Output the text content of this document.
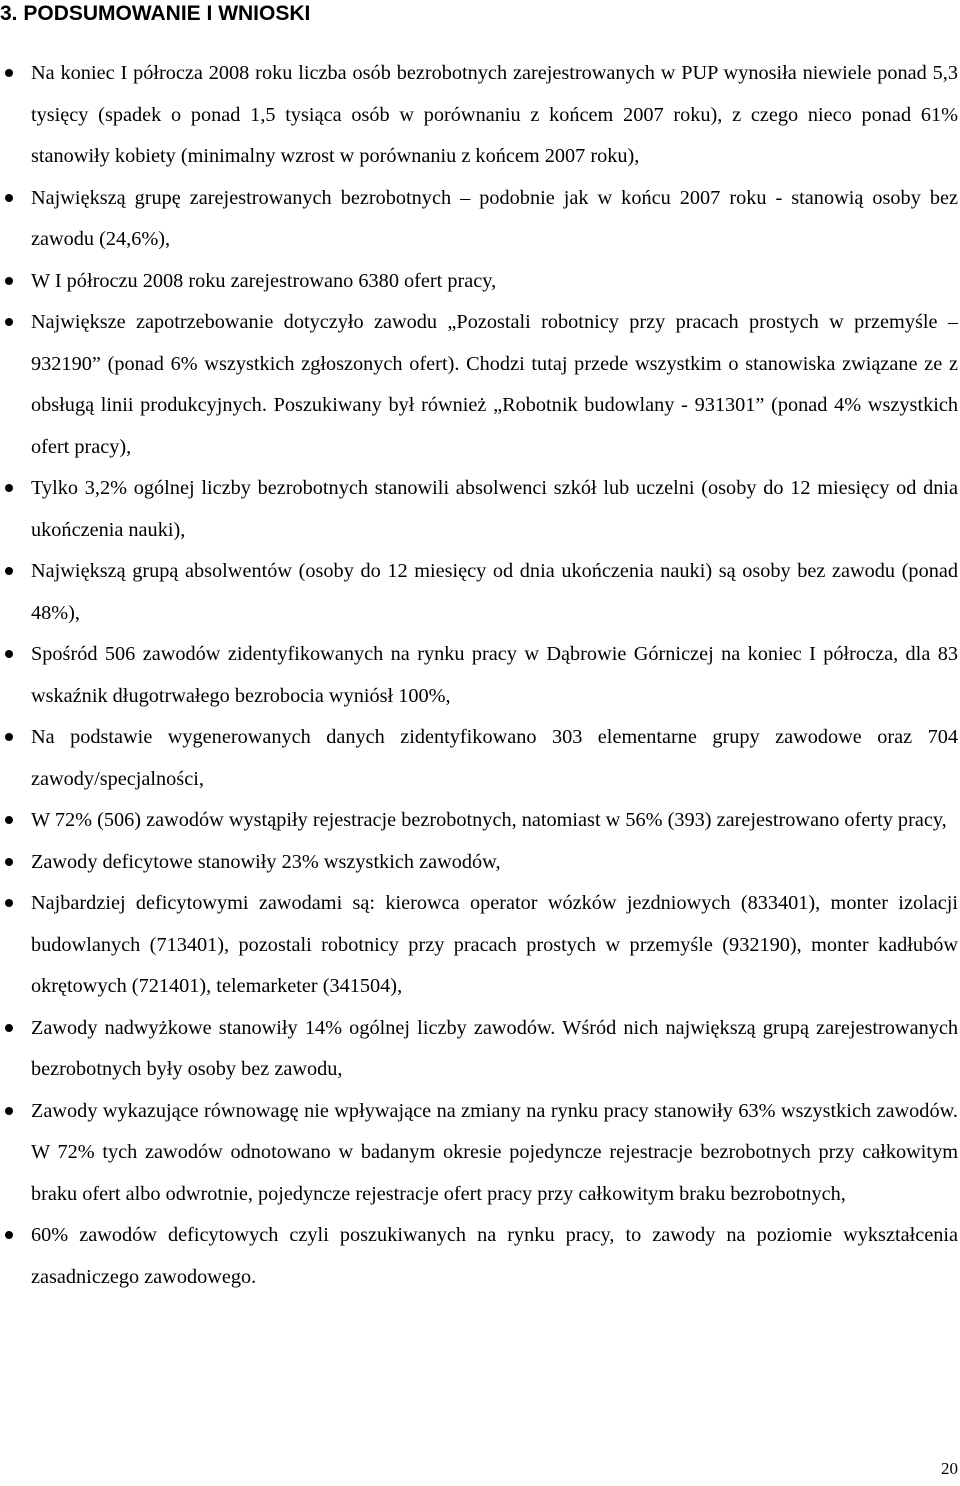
3. PODSUMOWANIE I WNIOSKI
Na koniec I półrocza 2008 roku liczba osób bezrobotnych zarejestrowanych w PUP wynosiła niewiele ponad 5,3 tysięcy (spadek o ponad 1,5 tysiąca osób w porównaniu z końcem 2007 roku), z czego nieco ponad 61% stanowiły kobiety (minimalny wzrost w porównaniu z końcem 2007 roku),
Największą grupę zarejestrowanych bezrobotnych – podobnie jak w końcu 2007 roku - stanowią osoby bez zawodu (24,6%),
W I półroczu 2008 roku zarejestrowano 6380 ofert pracy,
Największe zapotrzebowanie dotyczyło zawodu „Pozostali robotnicy przy pracach prostych w przemyśle – 932190” (ponad 6% wszystkich zgłoszonych ofert). Chodzi tutaj przede wszystkim o stanowiska związane ze z obsługą linii produkcyjnych. Poszukiwany był również „Robotnik budowlany - 931301” (ponad 4% wszystkich ofert pracy),
Tylko 3,2% ogólnej liczby bezrobotnych stanowili absolwenci szkół lub uczelni (osoby do 12 miesięcy od dnia ukończenia nauki),
Największą grupą absolwentów (osoby do 12 miesięcy od dnia ukończenia nauki) są osoby bez zawodu (ponad 48%),
Spośród 506 zawodów zidentyfikowanych na rynku pracy w Dąbrowie Górniczej na koniec I półrocza, dla 83 wskaźnik długotrwałego bezrobocia wyniósł 100%,
Na podstawie wygenerowanych danych zidentyfikowano 303 elementarne grupy zawodowe oraz 704 zawody/specjalności,
W 72% (506) zawodów wystąpiły rejestracje bezrobotnych, natomiast w 56% (393) zarejestrowano oferty pracy,
Zawody deficytowe stanowiły 23% wszystkich zawodów,
Najbardziej deficytowymi zawodami są: kierowca operator wózków jezdniowych (833401), monter izolacji budowlanych (713401), pozostali robotnicy przy pracach prostych w przemyśle (932190), monter kadłubów okrętowych (721401), telemarketer (341504),
Zawody nadwyżkowe stanowiły 14% ogólnej liczby zawodów. Wśród nich największą grupą zarejestrowanych bezrobotnych były osoby bez zawodu,
Zawody wykazujące równowagę nie wpływające na zmiany na rynku pracy stanowiły 63% wszystkich zawodów. W 72% tych zawodów odnotowano w badanym okresie pojedyncze rejestracje bezrobotnych przy całkowitym braku ofert albo odwrotnie, pojedyncze rejestracje ofert pracy przy całkowitym braku bezrobotnych,
60% zawodów deficytowych czyli poszukiwanych na rynku pracy, to zawody na poziomie wykształcenia zasadniczego zawodowego.
20
